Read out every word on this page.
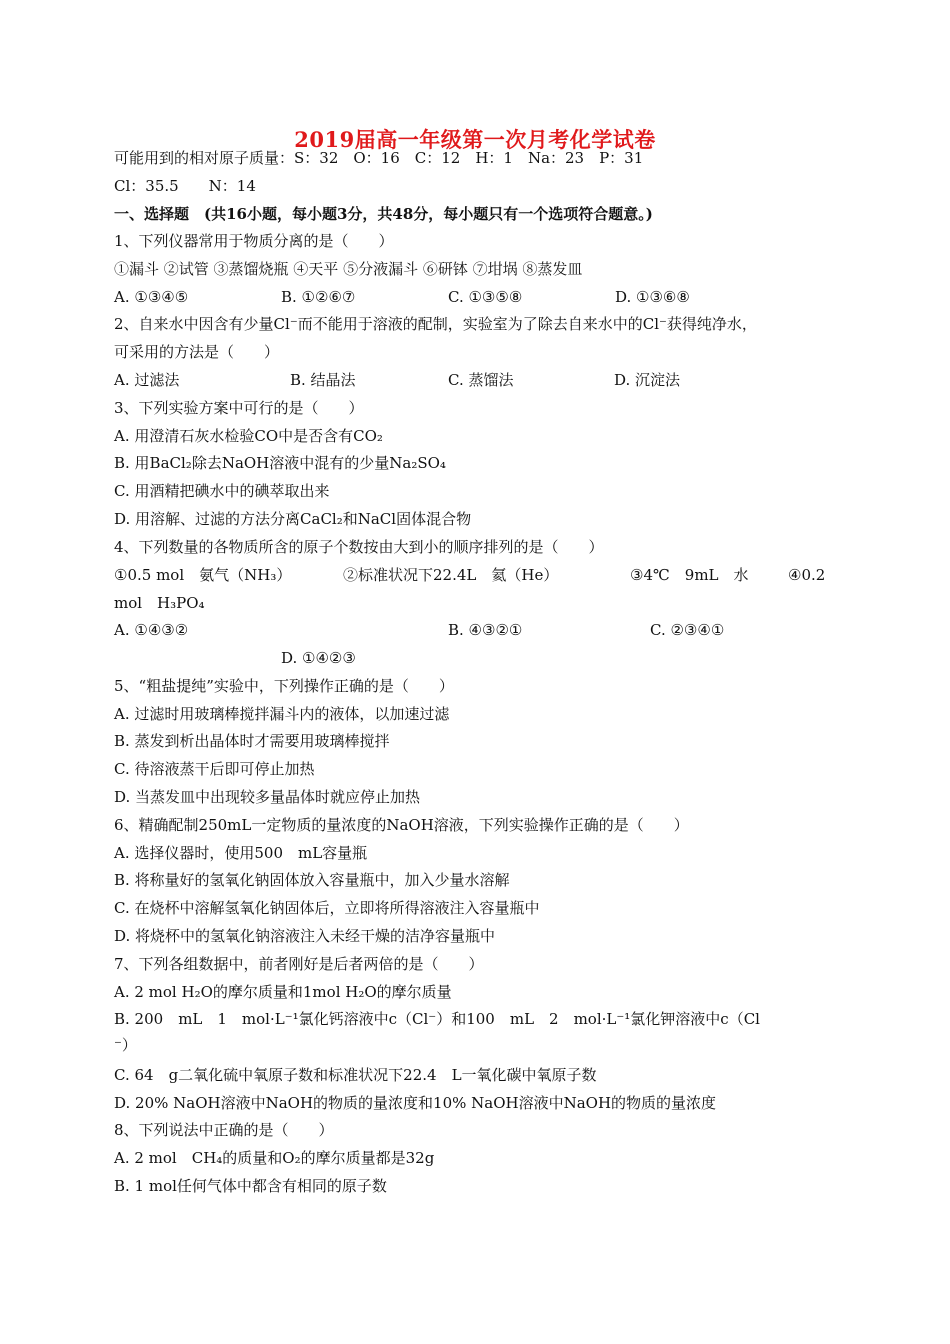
2019届高一年级第一次月考化学试卷
可能用到的相对原子质量：S：32　O：16　C：12　H：1　Na：23　P：31
Cl：35.5　　N：14
一、选择题　(共16小题，每小题3分，共48分，每小题只有一个选项符合题意。)
1、下列仪器常用于物质分离的是（　　）
①漏斗 ②试管 ③蒸馏烧瓶 ④天平 ⑤分液漏斗 ⑥研钵 ⑦坩埚 ⑧蒸发皿
A. ①③④⑤	B. ①②⑥⑦	C. ①③⑤⑧	D. ①③⑥⑧
2、自来水中因含有少量Cl⁻而不能用于溶液的配制，实验室为了除去自来水中的Cl⁻获得纯净水，
可采用的方法是（　　）
A. 过滤法	B. 结晶法	C. 蒸馏法	D. 沉淀法
3、下列实验方案中可行的是（　　）
A. 用澄清石灰水检验CO中是否含有CO₂
B. 用BaCl₂除去NaOH溶液中混有的少量Na₂SO₄
C. 用酒精把碘水中的碘萃取出来
D. 用溶解、过滤的方法分离CaCl₂和NaCl固体混合物
4、下列数量的各物质所含的原子个数按由大到小的顺序排列的是（　　）
①0.5 mol　氨气（NH₃）	②标准状况下22.4L　氦（He）	③4℃　9mL　水	④0.2
mol　H₃PO₄
A. ①④③②	B. ④③②①	C. ②③④①
D. ①④②③
5、“粗盐提纯”实验中，下列操作正确的是（　　）
A. 过滤时用玻璃棒搅拌漏斗内的液体，以加速过滤
B. 蒸发到析出晶体时才需要用玻璃棒搅拌
C. 待溶液蒸干后即可停止加热
D. 当蒸发皿中出现较多量晶体时就应停止加热
6、精确配制250mL一定物质的量浓度的NaOH溶液，下列实验操作正确的是（　　）
A. 选择仪器时，使用500　mL容量瓶
B. 将称量好的氢氧化钠固体放入容量瓶中，加入少量水溶解
C. 在烧杯中溶解氢氧化钠固体后，立即将所得溶液注入容量瓶中
D. 将烧杯中的氢氧化钠溶液注入未经干燥的洁净容量瓶中
7、下列各组数据中，前者刚好是后者两倍的是（　　）
A. 2 mol H₂O的摩尔质量和1mol H₂O的摩尔质量
B. 200　mL　1　mol·L⁻¹氯化钙溶液中c（Cl⁻）和100　mL　2　mol·L⁻¹氯化钾溶液中c（Cl
⁻）
C. 64　g二氧化硫中氧原子数和标准状况下22.4　L一氧化碳中氧原子数
D. 20% NaOH溶液中NaOH的物质的量浓度和10% NaOH溶液中NaOH的物质的量浓度
8、下列说法中正确的是（　　）
A. 2 mol　CH₄的质量和O₂的摩尔质量都是32g
B. 1 mol任何气体中都含有相同的原子数
